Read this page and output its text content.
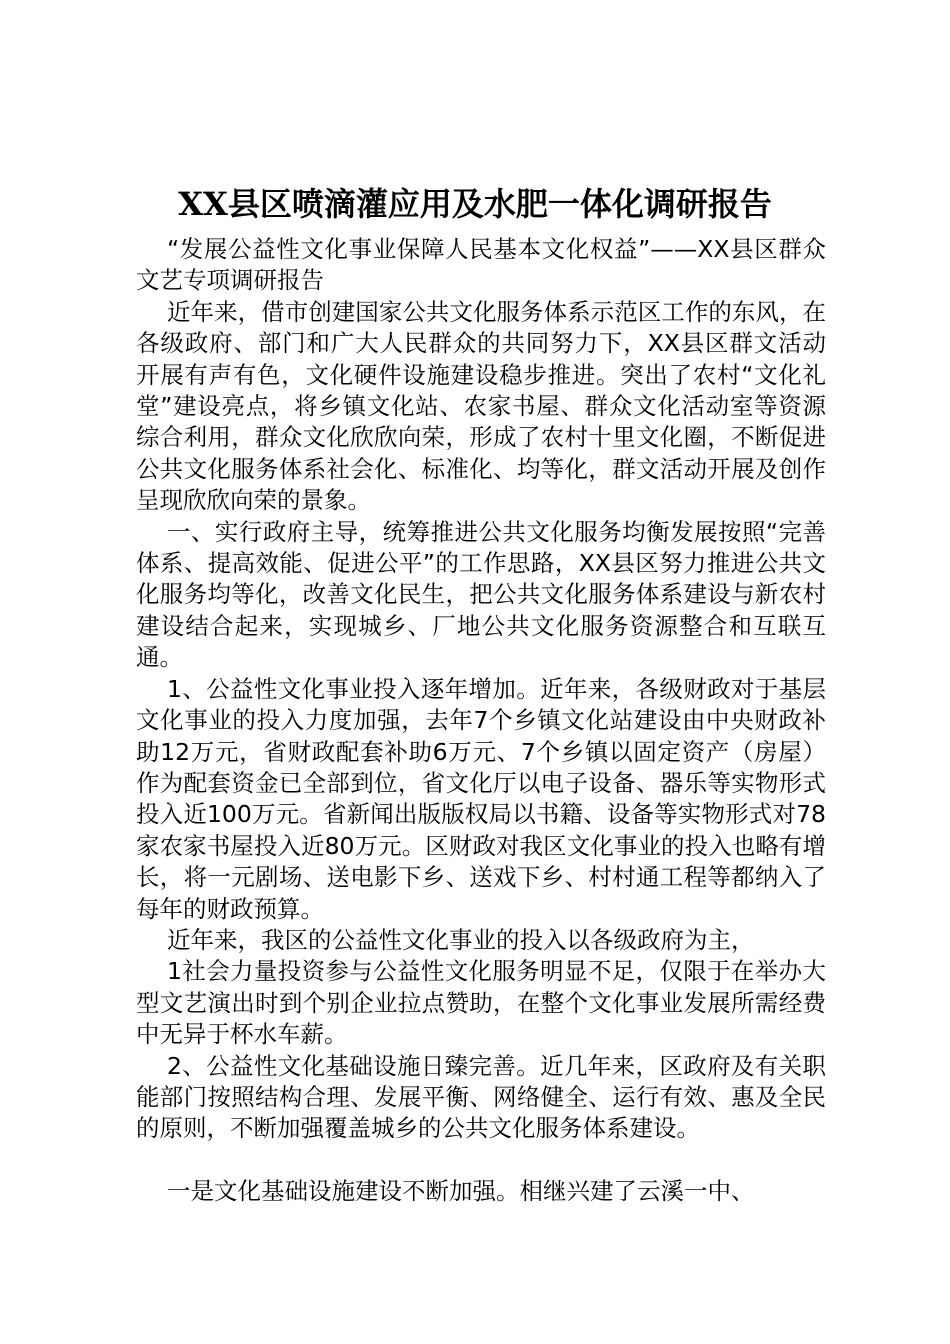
XX县区喷滴灌应用及水肥一体化调研报告

“发展公益性文化事业保障人民基本文化权益”——XX县区群众文艺专项调研报告

近年来，借市创建国家公共文化服务体系示范区工作的东风，在各级政府、部门和广大人民群众的共同努力下，XX县区群文活动开展有声有色，文化硬件设施建设稳步推进。突出了农村“文化礼堂”建设亮点，将乡镇文化站、农家书屋、群众文化活动室等资源综合利用，群众文化欣欣向荣，形成了农村十里文化圈，不断促进公共文化服务体系社会化、标准化、均等化，群文活动开展及创作呈现欣欣向荣的景象。

一、实行政府主导，统筹推进公共文化服务均衡发展按照“完善体系、提高效能、促进公平”的工作思路，XX县区努力推进公共文化服务均等化，改善文化民生，把公共文化服务体系建设与新农村建设结合起来，实现城乡、厂地公共文化服务资源整合和互联互通。

1、公益性文化事业投入逐年增加。近年来，各级财政对于基层文化事业的投入力度加强，去年7个乡镇文化站建设由中央财政补助12万元，省财政配套补助6万元、7个乡镇以固定资产（房屋）作为配套资金已全部到位，省文化厅以电子设备、器乐等实物形式投入近100万元。省新闻出版版权局以书籍、设备等实物形式对78家农家书屋投入近80万元。区财政对我区文化事业的投入也略有增长，将一元剧场、送电影下乡、送戏下乡、村村通工程等都纳入了每年的财政预算。

近年来，我区的公益性文化事业的投入以各级政府为主，

1社会力量投资参与公益性文化服务明显不足，仅限于在举办大型文艺演出时到个别企业拉点赞助，在整个文化事业发展所需经费中无异于杯水车薪。

2、公益性文化基础设施日臻完善。近几年来，区政府及有关职能部门按照结构合理、发展平衡、网络健全、运行有效、惠及全民的原则，不断加强覆盖城乡的公共文化服务体系建设。

一是文化基础设施建设不断加强。相继兴建了云溪一中、
